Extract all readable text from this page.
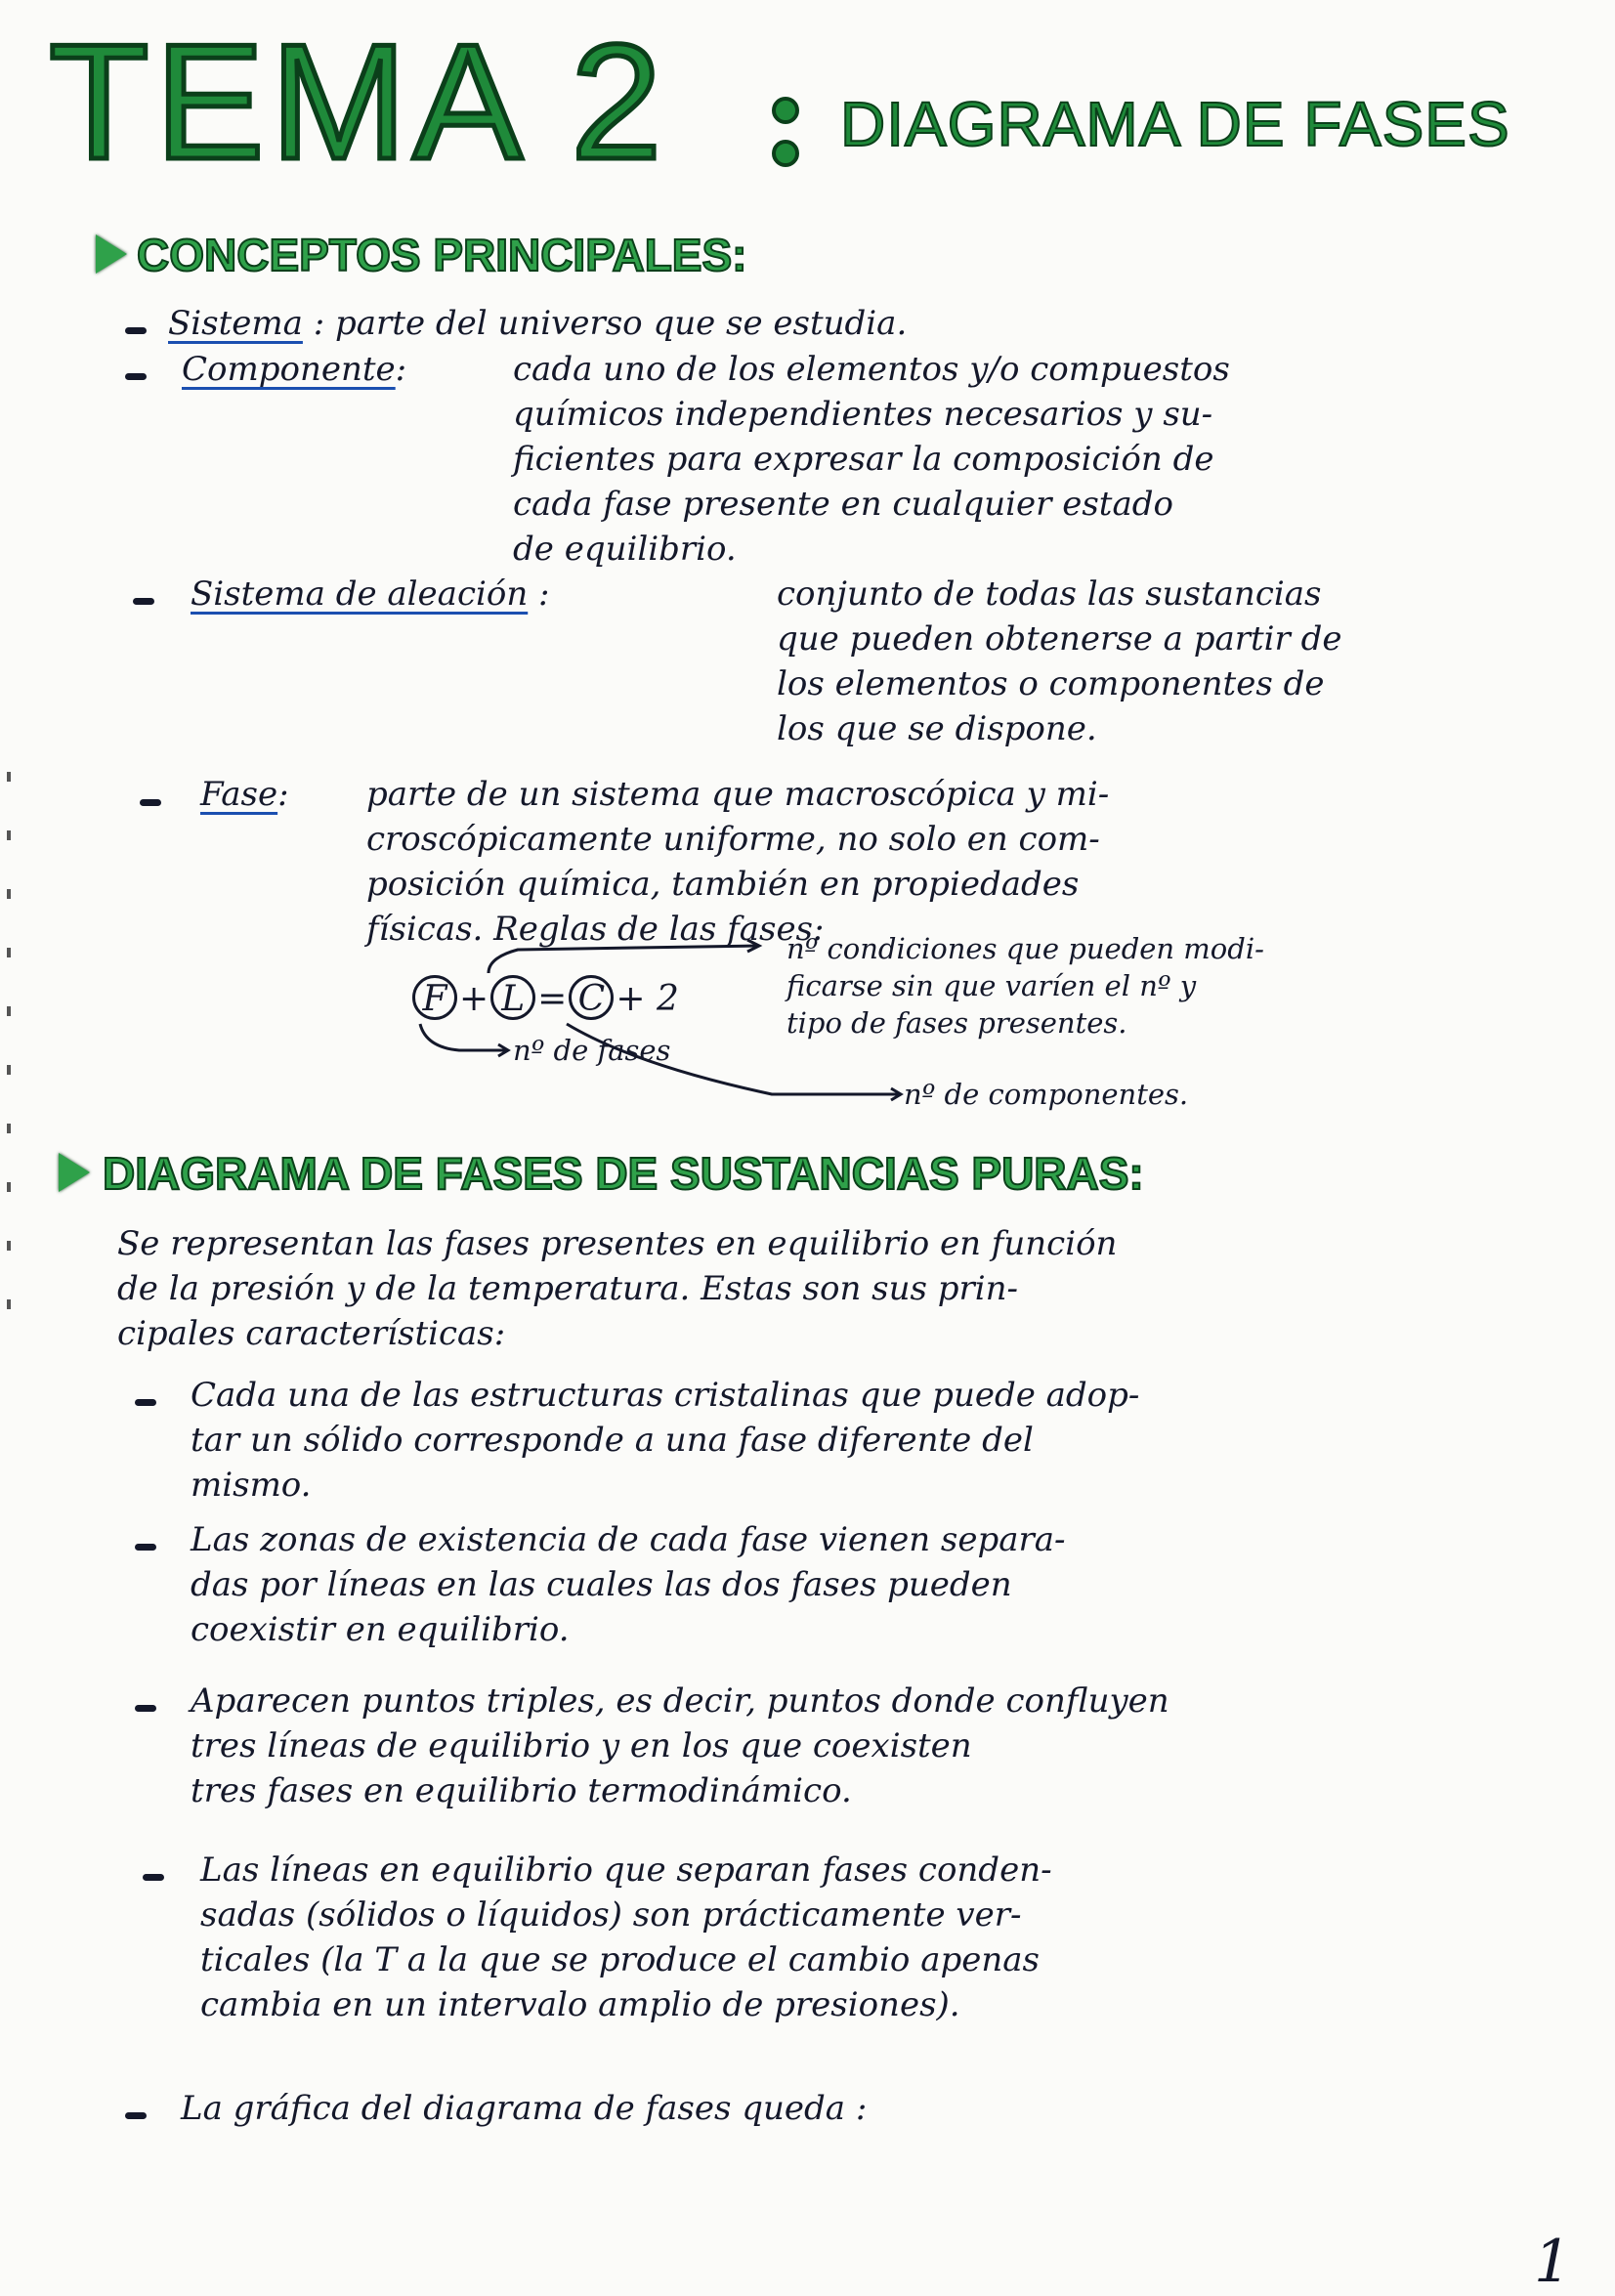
TEMA 2	DIAGRAMA DE FASES
CONCEPTOS PRINCIPALES:
Sistema : parte del universo que se estudia.
Componente:	cada uno de los elementos y/o compuestos
químicos independientes necesarios y su-
ficientes para expresar la composición de
cada fase presente en cualquier estado
de equilibrio.
Sistema de aleación :	conjunto de todas las sustancias
que pueden obtenerse a partir de
los elementos o componentes de
los que se dispone.
Fase: parte de un sistema que macroscópica y mi-
croscópicamente uniforme, no solo en com-
posición química, también en propiedades
físicas. Reglas de las fases:
F + L = C + 2
nº condiciones que pueden modi-
ficarse sin que varíen el nº y
tipo de fases presentes.
nº de fases
nº de componentes.
DIAGRAMA DE FASES DE SUSTANCIAS PURAS:
Se representan las fases presentes en equilibrio en función
de la presión y de la temperatura. Estas son sus prin-
cipales características:
Cada una de las estructuras cristalinas que puede adop-
tar un sólido corresponde a una fase diferente del
mismo.
Las zonas de existencia de cada fase vienen separa-
das por líneas en las cuales las dos fases pueden
coexistir en equilibrio.
Aparecen puntos triples, es decir, puntos donde confluyen
tres líneas de equilibrio y en los que coexisten
tres fases en equilibrio termodinámico.
Las líneas en equilibrio que separan fases conden-
sadas (sólidos o líquidos) son prácticamente ver-
ticales (la T a la que se produce el cambio apenas
cambia en un intervalo amplio de presiones).
La gráfica del diagrama de fases queda :
1
